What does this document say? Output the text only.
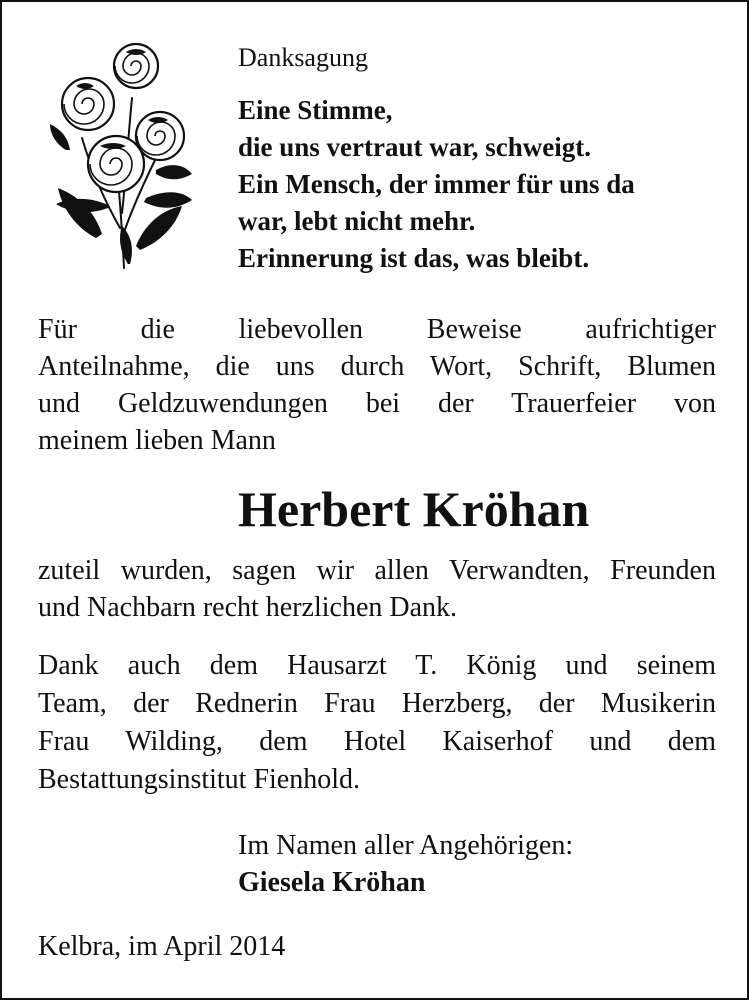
Danksagung
Eine Stimme,
die uns vertraut war, schweigt.
Ein Mensch, der immer für uns da
war, lebt nicht mehr.
Erinnerung ist das, was bleibt.
Für die liebevollen Beweise aufrichtiger
Anteilnahme, die uns durch Wort, Schrift, Blumen
und Geldzuwendungen bei der Trauerfeier von
meinem lieben Mann
Herbert Kröhan
zuteil wurden, sagen wir allen Verwandten, Freunden
und Nachbarn recht herzlichen Dank.
Dank auch dem Hausarzt T. König und seinem
Team, der Rednerin Frau Herzberg, der Musikerin
Frau Wilding, dem Hotel Kaiserhof und dem
Bestattungsinstitut Fienhold.
Im Namen aller Angehörigen:
Giesela Kröhan
Kelbra, im April 2014
